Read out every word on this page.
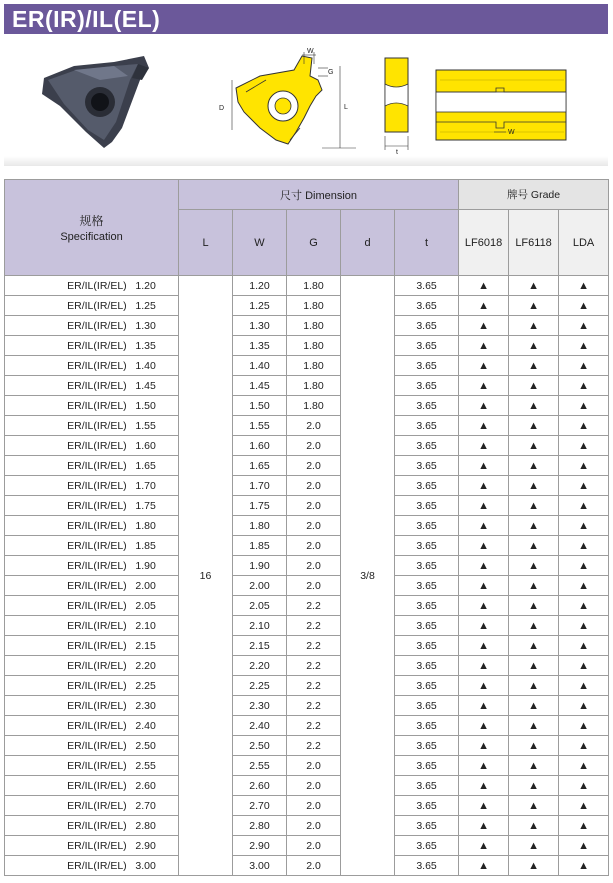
ER(IR)/IL(EL)
W
G
D	L
t
W
规格
Specification	尺寸 Dimension					牌号 Grade		
	L	W	G	d	t	LF6018	LF6118	LDA
ER/IL(IR/EL)   1.20	16	1.20	1.80	3/8	3.65	▲	▲	▲
ER/IL(IR/EL)   1.25		1.25	1.80		3.65	▲	▲	▲
ER/IL(IR/EL)   1.30		1.30	1.80		3.65	▲	▲	▲
ER/IL(IR/EL)   1.35		1.35	1.80		3.65	▲	▲	▲
ER/IL(IR/EL)   1.40		1.40	1.80		3.65	▲	▲	▲
ER/IL(IR/EL)   1.45		1.45	1.80		3.65	▲	▲	▲
ER/IL(IR/EL)   1.50		1.50	1.80		3.65	▲	▲	▲
ER/IL(IR/EL)   1.55		1.55	2.0		3.65	▲	▲	▲
ER/IL(IR/EL)   1.60		1.60	2.0		3.65	▲	▲	▲
ER/IL(IR/EL)   1.65		1.65	2.0		3.65	▲	▲	▲
ER/IL(IR/EL)   1.70		1.70	2.0		3.65	▲	▲	▲
ER/IL(IR/EL)   1.75		1.75	2.0		3.65	▲	▲	▲
ER/IL(IR/EL)   1.80		1.80	2.0		3.65	▲	▲	▲
ER/IL(IR/EL)   1.85		1.85	2.0		3.65	▲	▲	▲
ER/IL(IR/EL)   1.90		1.90	2.0		3.65	▲	▲	▲
ER/IL(IR/EL)   2.00		2.00	2.0		3.65	▲	▲	▲
ER/IL(IR/EL)   2.05		2.05	2.2		3.65	▲	▲	▲
ER/IL(IR/EL)   2.10		2.10	2.2		3.65	▲	▲	▲
ER/IL(IR/EL)   2.15		2.15	2.2		3.65	▲	▲	▲
ER/IL(IR/EL)   2.20		2.20	2.2		3.65	▲	▲	▲
ER/IL(IR/EL)   2.25		2.25	2.2		3.65	▲	▲	▲
ER/IL(IR/EL)   2.30		2.30	2.2		3.65	▲	▲	▲
ER/IL(IR/EL)   2.40		2.40	2.2		3.65	▲	▲	▲
ER/IL(IR/EL)   2.50		2.50	2.2		3.65	▲	▲	▲
ER/IL(IR/EL)   2.55		2.55	2.0		3.65	▲	▲	▲
ER/IL(IR/EL)   2.60		2.60	2.0		3.65	▲	▲	▲
ER/IL(IR/EL)   2.70		2.70	2.0		3.65	▲	▲	▲
ER/IL(IR/EL)   2.80		2.80	2.0		3.65	▲	▲	▲
ER/IL(IR/EL)   2.90		2.90	2.0		3.65	▲	▲	▲
ER/IL(IR/EL)   3.00		3.00	2.0		3.65	▲	▲	▲
